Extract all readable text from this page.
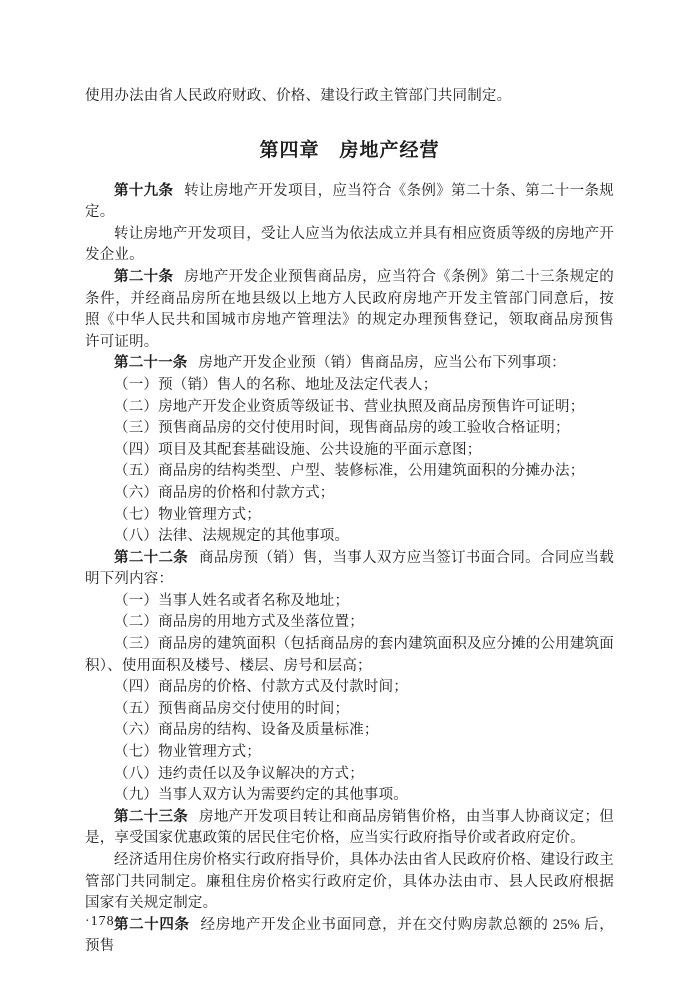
使用办法由省人民政府财政、价格、建设行政主管部门共同制定。

第四章　房地产经营

第十九条 转让房地产开发项目，应当符合《条例》第二十条、第二十一条规定。

转让房地产开发项目，受让人应当为依法成立并具有相应资质等级的房地产开发企业。

第二十条 房地产开发企业预售商品房，应当符合《条例》第二十三条规定的条件，并经商品房所在地县级以上地方人民政府房地产开发主管部门同意后，按照《中华人民共和国城市房地产管理法》的规定办理预售登记，领取商品房预售许可证明。

第二十一条 房地产开发企业预（销）售商品房，应当公布下列事项：

（一）预（销）售人的名称、地址及法定代表人；

（二）房地产开发企业资质等级证书、营业执照及商品房预售许可证明；

（三）预售商品房的交付使用时间，现售商品房的竣工验收合格证明；

（四）项目及其配套基础设施、公共设施的平面示意图；

（五）商品房的结构类型、户型、装修标准，公用建筑面积的分摊办法；

（六）商品房的价格和付款方式；

（七）物业管理方式；

（八）法律、法规规定的其他事项。

第二十二条 商品房预（销）售，当事人双方应当签订书面合同。合同应当载明下列内容：

（一）当事人姓名或者名称及地址；

（二）商品房的用地方式及坐落位置；

（三）商品房的建筑面积（包括商品房的套内建筑面积及应分摊的公用建筑面积）、使用面积及楼号、楼层、房号和层高；

（四）商品房的价格、付款方式及付款时间；

（五）预售商品房交付使用的时间；

（六）商品房的结构、设备及质量标准；

（七）物业管理方式；

（八）违约责任以及争议解决的方式；

（九）当事人双方认为需要约定的其他事项。

第二十三条 房地产开发项目转让和商品房销售价格，由当事人协商议定；但是，享受国家优惠政策的居民住宅价格，应当实行政府指导价或者政府定价。

经济适用住房价格实行政府指导价，具体办法由省人民政府价格、建设行政主管部门共同制定。廉租住房价格实行政府定价，具体办法由市、县人民政府根据国家有关规定制定。

第二十四条 经房地产开发企业书面同意，并在交付购房款总额的 25% 后，预售

·178·
